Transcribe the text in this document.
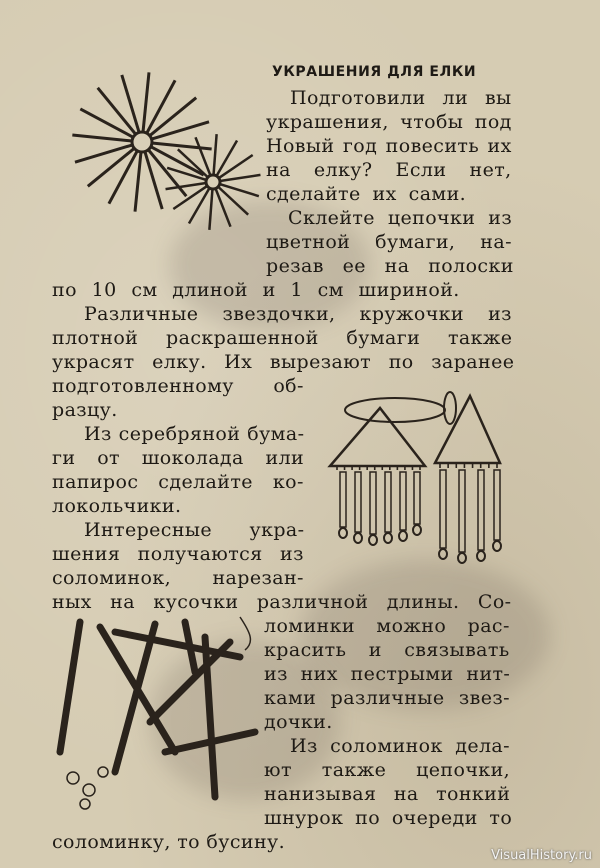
УКРАШЕНИЯ ДЛЯ ЕЛКИ
Подготовили ли вы
украшения, чтобы под
Новый год повесить их
на елку? Если нет,
сделайте их сами.
Склейте цепочки из
цветной бумаги, на-
резав ее на полоски
по 10 см длиной и 1 см шириной.
Различные звездочки, кружочки из
плотной раскрашенной бумаги также
украсят елку. Их вырезают по заранее
подготовленному об-
разцу.
Из серебряной бума-
ги от шоколада или
папирос сделайте ко-
локольчики.
Интересные укра-
шения получаются из
соломинок, нарезан-
ных на кусочки различной длины. Со-
ломинки можно рас-
красить и связывать
из них пестрыми нит-
ками различные звез-
дочки.
Из соломинок дела-
ют также цепочки,
нанизывая на тонкий
шнурок по очереди то
соломинку, то бусину.
VisualHistory.ru
